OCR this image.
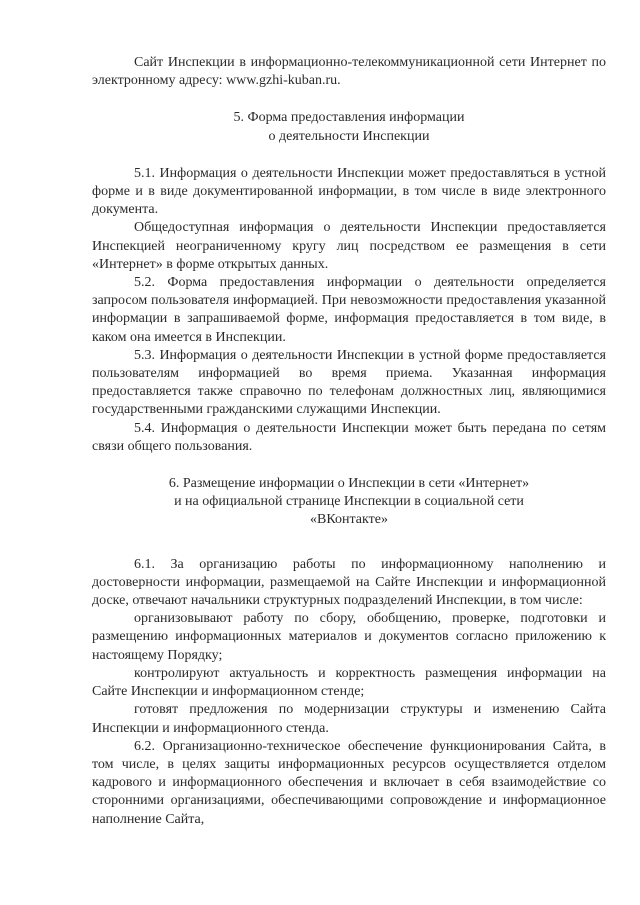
Сайт Инспекции в информационно-телекоммуникационной сети Интернет по электронному адресу: www.gzhi-kuban.ru.

5. Форма предоставления информации
о деятельности Инспекции

5.1. Информация о деятельности Инспекции может предоставляться в устной форме и в виде документированной информации, в том числе в виде электронного документа.

Общедоступная информация о деятельности Инспекции предоставляется Инспекцией неограниченному кругу лиц посредством ее размещения в сети «Интернет» в форме открытых данных.

5.2. Форма предоставления информации о деятельности определяется запросом пользователя информацией. При невозможности предоставления указанной информации в запрашиваемой форме, информация предоставляется в том виде, в каком она имеется в Инспекции.

5.3. Информация о деятельности Инспекции в устной форме предоставляется пользователям информацией во время приема. Указанная информация предоставляется также справочно по телефонам должностных лиц, являющимися государственными гражданскими служащими Инспекции.

5.4. Информация о деятельности Инспекции может быть передана по сетям связи общего пользования.

6. Размещение информации о Инспекции в сети «Интернет»
и на официальной странице Инспекции в социальной сети
«ВКонтакте»

6.1. За организацию работы по информационному наполнению и достоверности информации, размещаемой на Сайте Инспекции и информационной доске, отвечают начальники структурных подразделений Инспекции, в том числе:

организовывают работу по сбору, обобщению, проверке, подготовки и размещению информационных материалов и документов согласно приложению к настоящему Порядку;

контролируют актуальность и корректность размещения информации на Сайте Инспекции и информационном стенде;

готовят предложения по модернизации структуры и изменению Сайта Инспекции и информационного стенда.

6.2. Организационно-техническое обеспечение функционирования Сайта, в том числе, в целях защиты информационных ресурсов осуществляется отделом кадрового и информационного обеспечения и включает в себя взаимодействие со сторонними организациями, обеспечивающими сопровождение и информационное наполнение Сайта,
